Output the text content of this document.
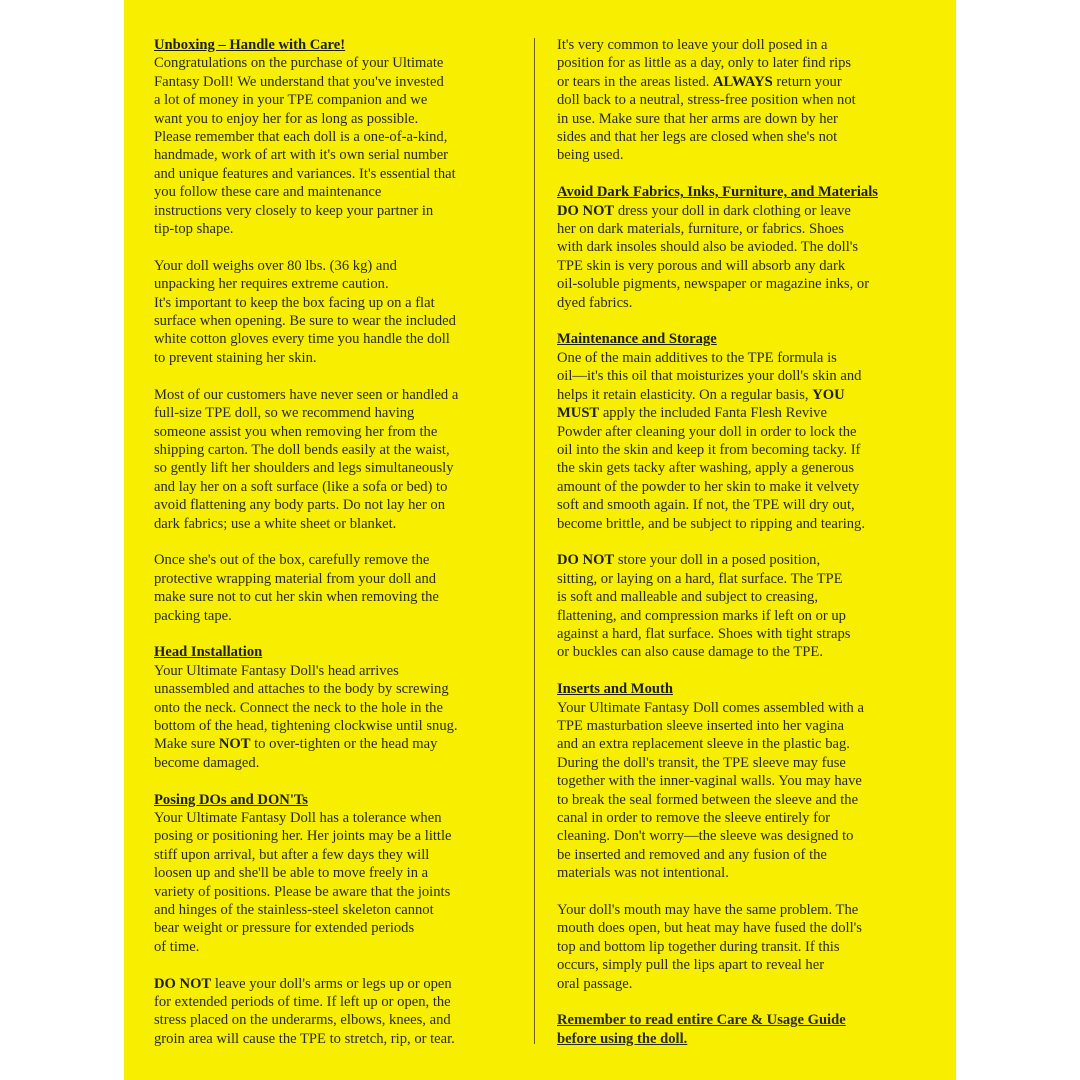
Unboxing – Handle with Care!
Congratulations on the purchase of your Ultimate
Fantasy Doll! We understand that you've invested
a lot of money in your TPE companion and we
want you to enjoy her for as long as possible.
Please remember that each doll is a one-of-a-kind,
handmade, work of art with it's own serial number
and unique features and variances. It's essential that
you follow these care and maintenance
instructions very closely to keep your partner in
tip-top shape.
Your doll weighs over 80 lbs. (36 kg) and
unpacking her requires extreme caution.
It's important to keep the box facing up on a flat
surface when opening. Be sure to wear the included
white cotton gloves every time you handle the doll
to prevent staining her skin.
Most of our customers have never seen or handled a
full-size TPE doll, so we recommend having
someone assist you when removing her from the
shipping carton. The doll bends easily at the waist,
so gently lift her shoulders and legs simultaneously
and lay her on a soft surface (like a sofa or bed) to
avoid flattening any body parts. Do not lay her on
dark fabrics; use a white sheet or blanket.
Once she's out of the box, carefully remove the
protective wrapping material from your doll and
make sure not to cut her skin when removing the
packing tape.
Head Installation
Your Ultimate Fantasy Doll's head arrives
unassembled and attaches to the body by screwing
onto the neck. Connect the neck to the hole in the
bottom of the head, tightening clockwise until snug.
Make sure NOT to over-tighten or the head may
become damaged.
Posing DOs and DON'Ts
Your Ultimate Fantasy Doll has a tolerance when
posing or positioning her. Her joints may be a little
stiff upon arrival, but after a few days they will
loosen up and she'll be able to move freely in a
variety of positions. Please be aware that the joints
and hinges of the stainless-steel skeleton cannot
bear weight or pressure for extended periods
of time.
DO NOT leave your doll's arms or legs up or open
for extended periods of time. If left up or open, the
stress placed on the underarms, elbows, knees, and
groin area will cause the TPE to stretch, rip, or tear.
It's very common to leave your doll posed in a
position for as little as a day, only to later find rips
or tears in the areas listed. ALWAYS return your
doll back to a neutral, stress-free position when not
in use. Make sure that her arms are down by her
sides and that her legs are closed when she's not
being used.
Avoid Dark Fabrics, Inks, Furniture, and Materials
DO NOT dress your doll in dark clothing or leave
her on dark materials, furniture, or fabrics. Shoes
with dark insoles should also be avioded. The doll's
TPE skin is very porous and will absorb any dark
oil-soluble pigments, newspaper or magazine inks, or
dyed fabrics.
Maintenance and Storage
One of the main additives to the TPE formula is
oil—it's this oil that moisturizes your doll's skin and
helps it retain elasticity. On a regular basis, YOU
MUST apply the included Fanta Flesh Revive
Powder after cleaning your doll in order to lock the
oil into the skin and keep it from becoming tacky. If
the skin gets tacky after washing, apply a generous
amount of the powder to her skin to make it velvety
soft and smooth again. If not, the TPE will dry out,
become brittle, and be subject to ripping and tearing.
DO NOT store your doll in a posed position,
sitting, or laying on a hard, flat surface. The TPE
is soft and malleable and subject to creasing,
flattening, and compression marks if left on or up
against a hard, flat surface. Shoes with tight straps
or buckles can also cause damage to the TPE.
Inserts and Mouth
Your Ultimate Fantasy Doll comes assembled with a
TPE masturbation sleeve inserted into her vagina
and an extra replacement sleeve in the plastic bag.
During the doll's transit, the TPE sleeve may fuse
together with the inner-vaginal walls. You may have
to break the seal formed between the sleeve and the
canal in order to remove the sleeve entirely for
cleaning. Don't worry—the sleeve was designed to
be inserted and removed and any fusion of the
materials was not intentional.
Your doll's mouth may have the same problem. The
mouth does open, but heat may have fused the doll's
top and bottom lip together during transit. If this
occurs, simply pull the lips apart to reveal her
oral passage.
Remember to read entire Care & Usage Guide
before using the doll.
